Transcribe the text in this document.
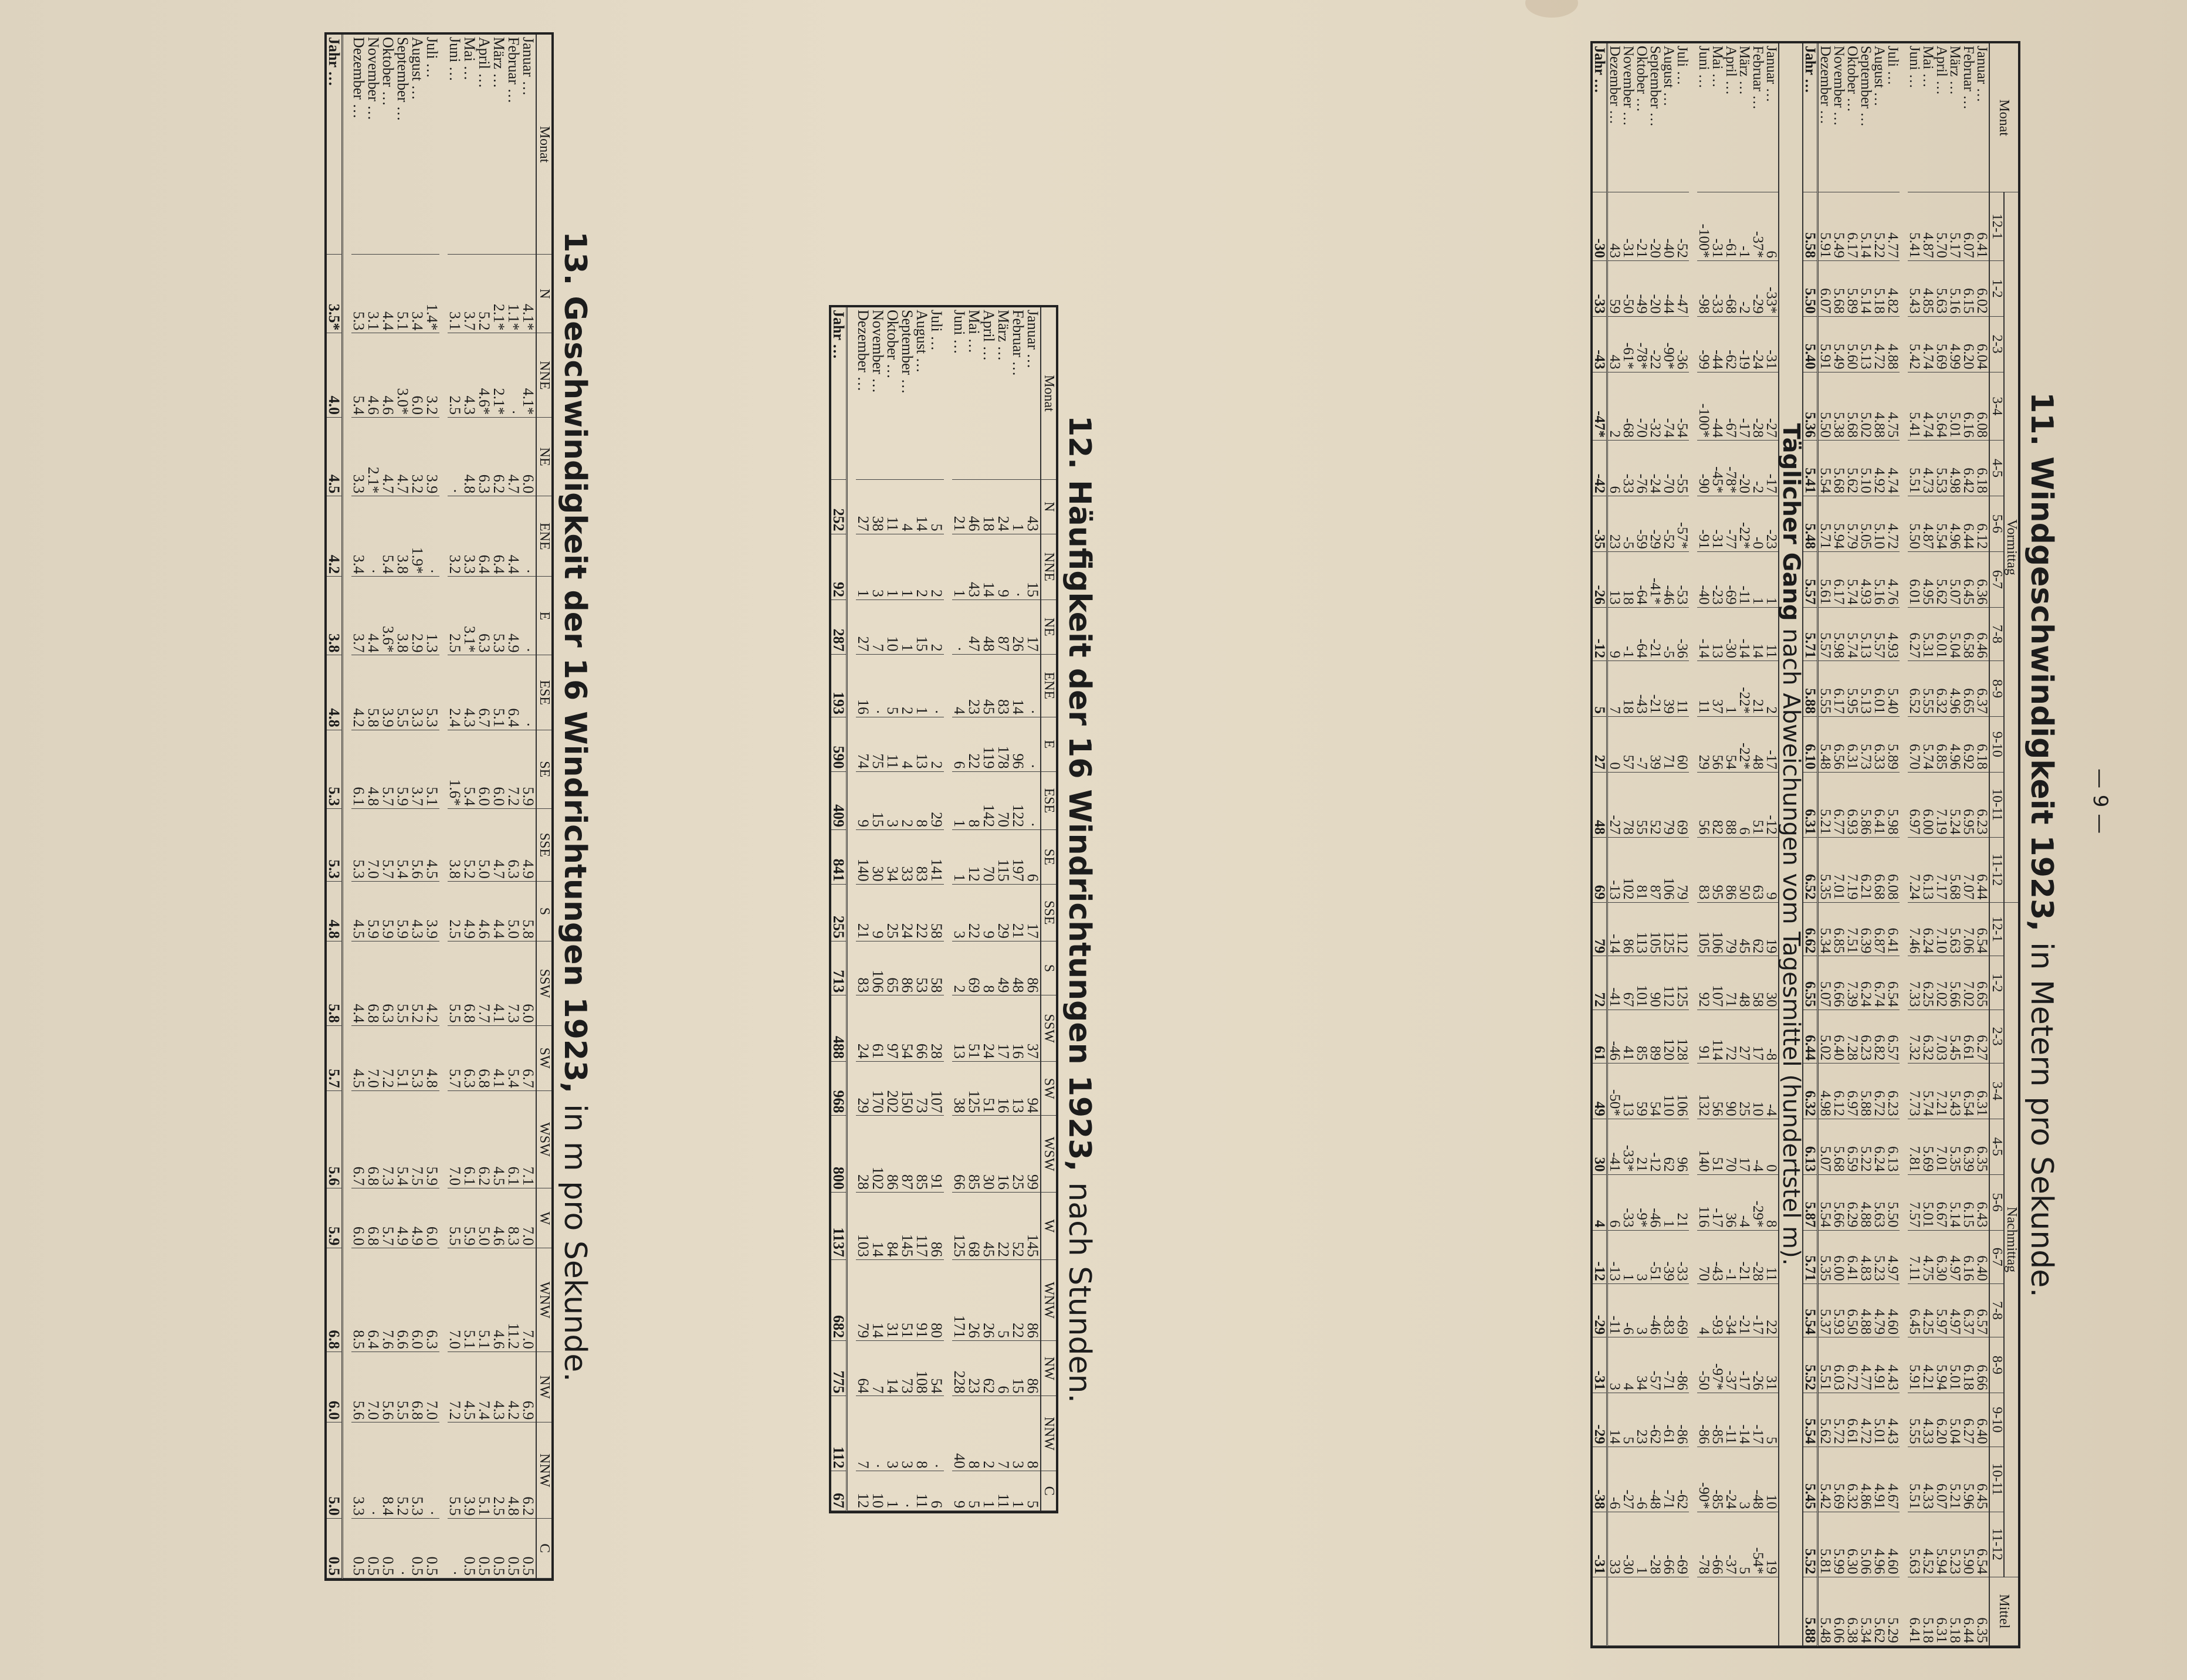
— 9 —
11. Windgeschwindigkeit 1923, in Metern pro Sekunde.
Monat	Vormittag												Nachmittag												Mittel
	12-1	1-2	2-3	3-4	4-5	5-6	6-7	7-8	8-9	9-10	10-11	11-12	12-1	1-2	2-3	3-4	4-5	5-6	6-7	7-8	8-9	9-10	10-11	11-12	
Januar …	6.41	6.02	6.04	6.08	6.18	6.12	6.36	6.46	6.37	6.18	6.23	6.44	6.54	6.65	6.27	6.31	6.35	6.43	6.40	6.57	6.66	6.40	6.45	6.54	6.35
Februar …	6.07	6.15	6.20	6.16	6.42	6.44	6.45	6.58	6.65	6.92	6.95	7.07	7.06	7.02	6.61	6.54	6.39	6.15	6.16	6.37	6.18	6.27	5.96	5.90	6.44
März …	5.17	5.16	4.99	5.01	4.98	4.96	5.07	5.04	4.96	4.96	5.24	5.68	5.63	5.66	5.45	5.43	5.35	5.14	4.97	4.97	5.01	5.04	5.21	5.23	5.18
April …	5.70	5.63	5.69	5.64	5.53	5.54	5.62	6.01	6.32	6.85	7.19	7.17	7.10	7.02	7.03	7.21	7.01	6.67	6.30	5.97	5.94	6.20	6.07	5.94	6.31
Mai …	4.87	4.85	4.74	4.74	4.73	4.87	4.95	5.31	5.55	5.74	6.00	6.13	6.24	6.25	6.32	5.74	5.69	5.01	4.75	4.25	4.21	4.33	4.33	4.52	5.18
Juni …	5.41	5.43	5.42	5.41	5.51	5.50	6.01	6.27	6.52	6.70	6.97	7.24	7.46	7.33	7.32	7.73	7.81	7.57	7.11	6.45	5.91	5.55	5.51	5.63	6.41

Juli …	4.77	4.82	4.88	4.75	4.74	4.72	4.76	4.93	5.40	5.89	5.98	6.08	6.41	6.54	6.57	6.23	6.13	5.50	4.97	4.60	4.43	4.43	4.67	4.60	5.29
August …	5.22	5.18	4.72	4.88	4.92	5.10	5.16	5.57	6.01	6.33	6.41	6.68	6.87	6.74	6.82	6.72	6.24	5.63	5.23	4.79	4.91	5.01	4.91	4.96	5.62
September …	5.14	5.14	5.13	5.02	5.10	5.05	4.93	5.13	5.13	5.73	5.86	6.21	6.39	6.24	6.23	5.88	5.22	4.88	4.83	4.88	4.77	4.72	4.86	5.06	5.34
Oktober …	6.17	5.89	5.60	5.68	5.62	5.79	5.74	5.74	5.95	6.31	6.93	7.19	7.51	7.39	7.28	6.97	6.59	6.29	6.41	6.50	6.72	6.61	6.32	6.30	6.38
November …	5.49	5.68	5.49	5.38	5.68	5.94	6.17	5.98	6.17	6.56	6.77	7.01	6.85	6.66	6.40	6.12	5.68	5.66	6.00	5.93	6.03	5.72	5.69	5.99	6.06
Dezember …	5.91	6.07	5.91	5.50	5.54	5.71	5.61	5.57	5.55	5.48	5.21	5.35	5.34	5.07	5.02	4.98	5.07	5.54	5.35	5.37	5.51	5.62	5.42	5.81	5.48
Jahr …	5.58	5.50	5.40	5.36	5.41	5.48	5.57	5.71	5.88	6.10	6.31	6.52	6.62	6.55	6.44	6.32	6.13	5.87	5.71	5.54	5.52	5.54	5.45	5.52	5.88
Täglicher Gang nach Abweichungen vom Tagesmittel (hundertstel m).																									
Januar …	6	-33*	-31	-27	-17	-23	1	11	2	-17	-12	9	19	30	-8	-4	0	8	11	22	31	5	10	19	
Februar …	-37*	-29	-24	-28	-2	-0	1	14	21	48	51	63	62	58	17	10	-4	-29*	-28	-17	-26	-17	-48	-54*	
März …	-1	-2	-19	-17	-20	-22*	-11	-14	-22*	-22*	6	50	45	48	27	25	17	-4	-21	-21	-17	-14	3	5	
April …	-61	-68	-62	-67	-78*	-77	-69	-30	1	54	88	86	79	71	72	90	70	36	-1	-34	-37	-11	-24	-37	
Mai …	-31	-33	-44	-44	-45*	-31	-23	13	37	56	82	95	106	107	114	56	51	-17	-43	-93	-97*	-85	-85	-66	
Juni …	-100*	-98	-99	-100*	-90	-91	-40	-14	11	29	56	83	105	92	91	132	140	116	70	4	-50	-86	-90*	-78	

Juli …	-52	-47	-36	-54	-55	-57*	-53	-36	11	60	69	79	112	125	128	106	96	21	-33	-69	-86	-86	-62	-69	
August …	-40	-44	-90*	-74	-70	-52	-46	-5	39	71	79	106	125	112	120	110	62	1	-39	-83	-71	-61	-71	-66	
September …	-20	-20	-22	-32	-24	-29	-41*	-21	-21	39	52	87	105	90	89	54	-12	-46	-51	-46	-57	-62	-48	-28	
Oktober …	-21	-49	-78*	-70	-76	-59	-64	-64	-43	-7	55	81	113	101	85	59	21	-9*	3	3	34	23	-6	1	
November …	-31	-50	-61*	-68	-33	-5	18	-1	18	57	78	102	86	67	41	13	-33*	-33	1	-6	4	5	-27	-30	
Dezember …	43	59	43	2	6	23	13	9	7	0	-27	-13	-14	-41	-46	-50*	-41	6	-13	-11	3	14	-6	33	
Jahr …	-30	-33	-43	-47*	-42	-35	-26	-12	5	27	48	69	79	72	61	49	30	4	-12	-29	-31	-29	-38	-31	
12. Häufigkeit der 16 Windrichtungen 1923, nach Stunden.
Monat	N	NNE	NE	ENE	E	ESE	SE	SSE	S	SSW	SW	WSW	W	WNW	NW	NNW	C
Januar …	43	15	17	·	·	·	6	17	86	37	94	99	145	86	86	8	5
Februar …	1	·	26	14	96	122	197	21	48	16	13	25	52	22	15	3	1
März …	24	9	87	83	178	70	115	29	49	17	16	16	22	5	6	7	11
April …	18	14	48	45	119	142	70	9	8	24	51	30	45	26	62	2	1
Mai …	46	43	47	23	22	8	12	22	69	51	125	85	68	26	23	8	5
Juni …	21	1	·	4	6	1	1	3	2	13	38	66	125	171	228	40	9

Juli …	5	2	2	·	2	29	141	58	58	28	107	91	86	80	54	·	6
August …	14	2	15	1	13	8	83	22	53	66	73	85	117	91	108	8	11
September …	4	1	1	2	4	2	33	24	86	54	150	87	145	51	73	3	·
Oktober …	11	1	10	5	11	3	34	25	65	97	202	86	84	31	14	3	1
November …	38	3	7	·	75	15	30	9	106	61	170	102	14	14	7	·	10
Dezember …	27	1	27	16	74	9	140	21	83	24	29	28	103	79	64	7	12

Jahr …	252	92	287	193	590	409	841	255	713	488	968	800	1137	682	775	112	67
13. Geschwindigkeit der 16 Windrichtungen 1923, in m pro Sekunde.
Monat	N	NNE	NE	ENE	E	ESE	SE	SSE	S	SSW	SW	WSW	W	WNW	NW	NNW	C
Januar …	4.1*	4.1*	6.0	·	·	·	5.9	4.9	5.8	6.0	6.7	7.1	7.0	7.0	6.9	6.2	0.5
Februar …	1.1*	·	4.7	4.4	4.9	6.4	7.2	6.3	5.0	7.3	5.4	6.1	8.3	11.2	4.2	4.8	0.5
März …	2.1*	2.1*	6.2	6.4	5.3	5.1	6.0	4.7	4.4	4.1	4.1	4.5	4.6	4.6	4.3	2.5	0.5
April …	5.2	4.6*	6.3	6.4	6.3	6.7	6.0	5.0	4.6	7.7	6.8	6.2	5.0	5.1	7.4	5.1	0.5
Mai …	3.7	4.3	4.8	3.3	3.1*	4.3	5.4	5.2	4.9	6.8	6.3	6.1	5.9	5.1	4.5	3.9	0.5
Juni …	3.1	2.5	·	3.2	2.5	2.4	1.6*	3.8	2.5	5.5	5.7	7.0	5.5	7.0	7.2	5.5	·

Juli …	1.4*	3.2	3.9	·	1.3	5.3	5.1	4.5	3.9	4.2	4.8	5.9	6.0	6.3	7.0	·	0.5
August …	3.4	6.0	3.2	1.9*	2.9	3.3	3.7	5.6	4.3	5.2	5.3	7.5	4.9	6.0	6.8	5.3	0.5
September …	5.1	3.0*	4.7	3.8	3.8	5.5	5.9	5.4	5.9	5.5	5.1	5.4	4.9	6.6	5.5	5.2	·
Oktober …	4.4	4.6	4.7	5.4	3.6*	3.9	5.7	5.7	5.9	6.3	7.2	7.3	5.7	7.6	5.6	8.4	0.5
November …	3.1	4.6	2.1*	·	4.4	5.8	4.8	7.0	5.9	6.8	7.0	6.8	6.8	6.4	7.0	·	0.5
Dezember …	5.3	5.4	3.3	3.4	3.7	4.2	6.1	5.3	4.5	4.4	4.5	6.7	6.0	8.5	5.6	3.3	0.5

Jahr …	3.5*	4.0	4.5	4.2	3.8	4.8	5.3	5.3	4.8	5.8	5.7	5.6	5.9	6.8	6.0	5.0	0.5
